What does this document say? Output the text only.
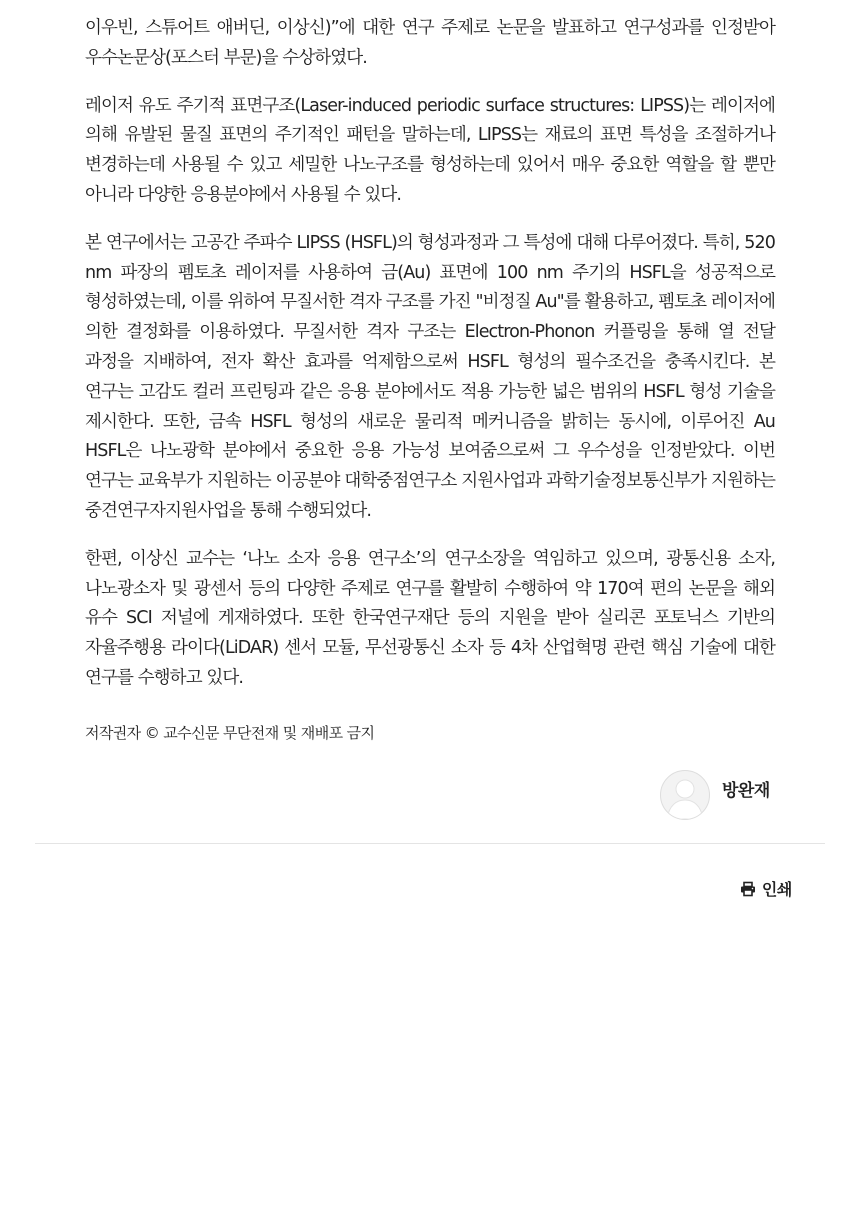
이우빈, 스튜어트 애버딘, 이상신)”에 대한 연구 주제로 논문을 발표하고 연구성과를 인정받아 우수논문상(포스터 부문)을 수상하였다.

레이저 유도 주기적 표면구조(Laser-induced periodic surface structures: LIPSS)는 레이저에 의해 유발된 물질 표면의 주기적인 패턴을 말하는데, LIPSS는 재료의 표면 특성을 조절하거나 변경하는데 사용될 수 있고 세밀한 나노구조를 형성하는데 있어서 매우 중요한 역할을 할 뿐만 아니라 다양한 응용분야에서 사용될 수 있다.

본 연구에서는 고공간 주파수 LIPSS (HSFL)의 형성과정과 그 특성에 대해 다루어졌다. 특히, 520 nm 파장의 펨토초 레이저를 사용하여 금(Au) 표면에 100 nm 주기의 HSFL을 성공적으로 형성하였는데, 이를 위하여 무질서한 격자 구조를 가진 "비정질 Au"를 활용하고, 펨토초 레이저에 의한 결정화를 이용하였다. 무질서한 격자 구조는 Electron-Phonon 커플링을 통해 열 전달 과정을 지배하여, 전자 확산 효과를 억제함으로써 HSFL 형성의 필수조건을 충족시킨다. 본 연구는 고감도 컬러 프린팅과 같은 응용 분야에서도 적용 가능한 넓은 범위의 HSFL 형성 기술을 제시한다. 또한, 금속 HSFL 형성의 새로운 물리적 메커니즘을 밝히는 동시에, 이루어진 Au HSFL은 나노광학 분야에서 중요한 응용 가능성 보여줌으로써 그 우수성을 인정받았다. 이번 연구는 교육부가 지원하는 이공분야 대학중점연구소 지원사업과 과학기술정보통신부가 지원하는 중견연구자지원사업을 통해 수행되었다.

한편, 이상신 교수는 ‘나노 소자 응용 연구소’의 연구소장을 역임하고 있으며, 광통신용 소자, 나노광소자 및 광센서 등의 다양한 주제로 연구를 활발히 수행하여 약 170여 편의 논문을 해외 유수 SCI 저널에 게재하였다. 또한 한국연구재단 등의 지원을 받아 실리콘 포토닉스 기반의 자율주행용 라이다(LiDAR) 센서 모듈, 무선광통신 소자 등 4차 산업혁명 관련 핵심 기술에 대한 연구를 수행하고 있다.

저작권자 © 교수신문 무단전재 및 재배포 금지

방완재
인쇄
